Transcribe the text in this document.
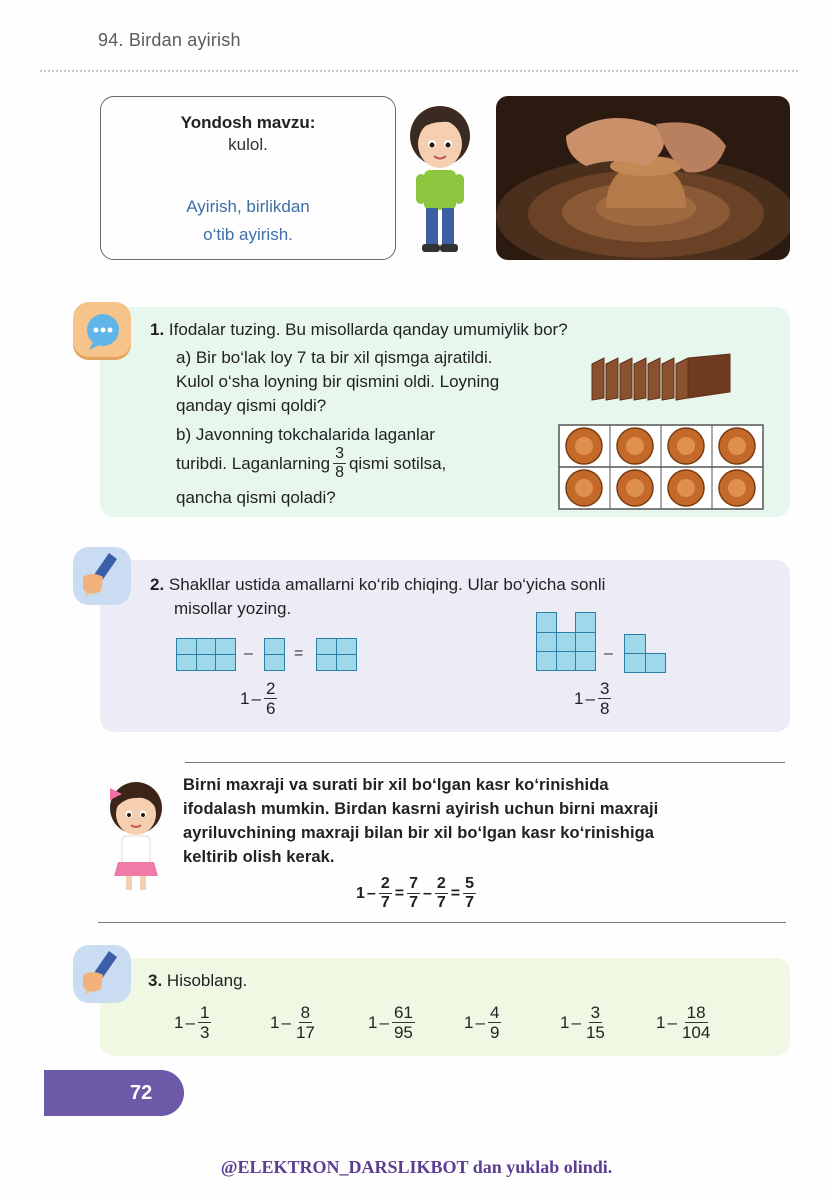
94. Birdan ayirish
Yondosh mavzu:
kulol.
Ayirish, birlikdan
o‘tib ayirish.
1. Ifodalar tuzing. Bu misollarda qanday umumiylik bor?
a) Bir bo‘lak loy 7 ta bir xil qismga ajratildi.
Kulol o‘sha loyning bir qismini oldi. Loyning
qanday qismi qoldi?
b) Javonning tokchalarida laganlar
turibdi. Laganlarning $\frac{3}{8}$ qismi sotilsa,
qancha qismi qoladi?
2. Shakllar ustida amallarni ko‘rib chiqing. Ular bo‘yicha sonli
misollar yozing.
–	=
$1 - \frac{2}{6}$
–
$1 - \frac{3}{8}$
Birni maxraji va surati bir xil bo‘lgan kasr ko‘rinishida
ifodalash mumkin. Birdan kasrni ayirish uchun birni maxraji
ayriluvchining maxraji bilan bir xil bo‘lgan kasr ko‘rinishiga
keltirib olish kerak.
$1 - \frac{2}{7} = \frac{7}{7} - \frac{2}{7} = \frac{5}{7}$
3. Hisoblang.
$1 - \frac{1}{3}$	$1 - \frac{8}{17}$	$1 - \frac{61}{95}$	$1 - \frac{4}{9}$	$1 - \frac{3}{15}$	$1 - \frac{18}{104}$
72
@ELEKTRON_DARSLIKBOT dan yuklab olindi.
